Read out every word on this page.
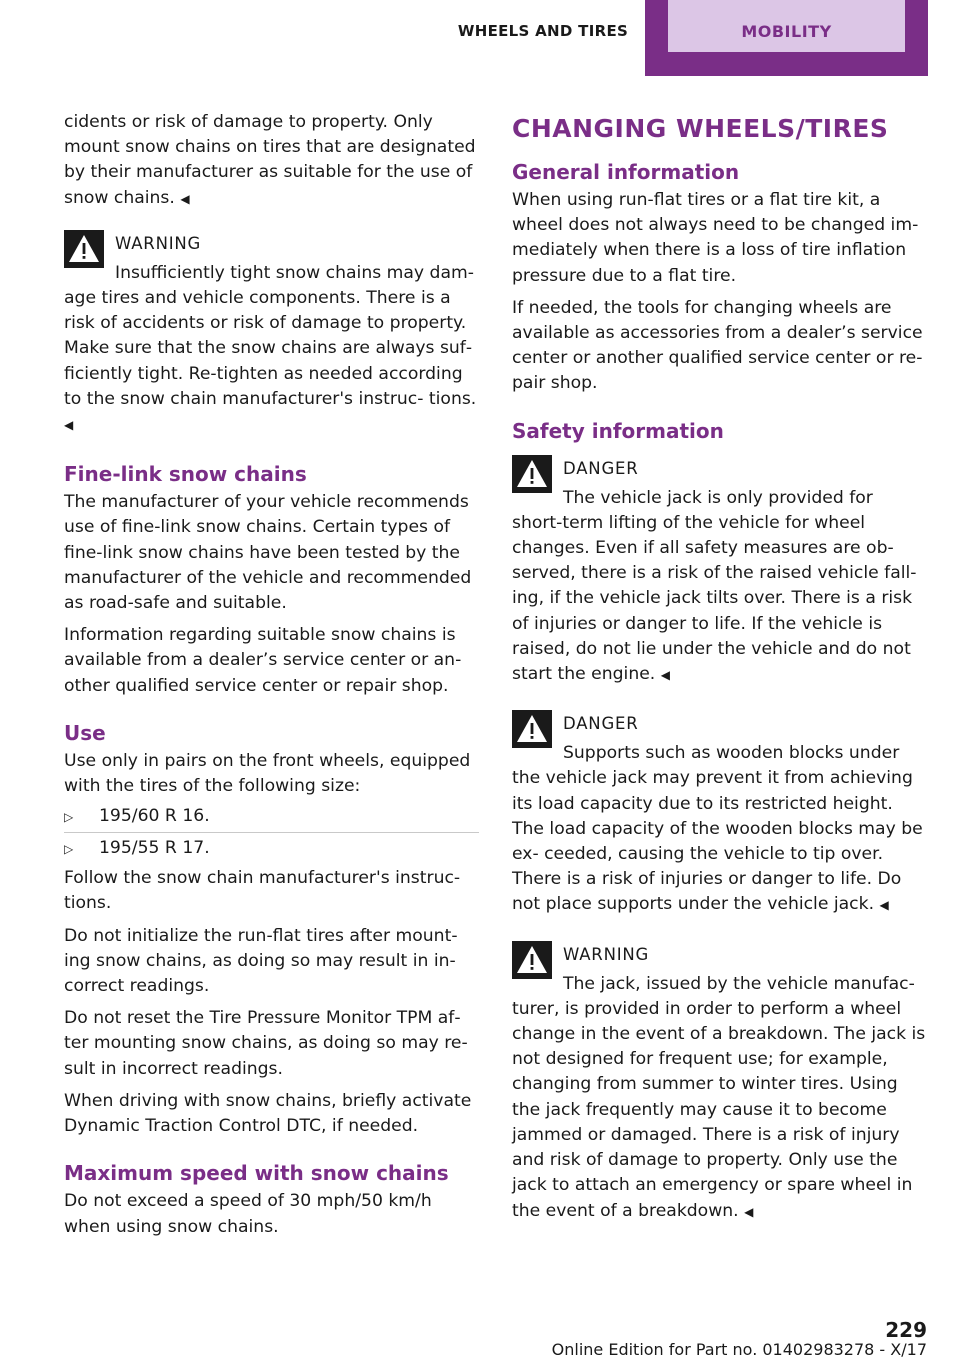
WHEELS AND TIRES	MOBILITY
cidents or risk of damage to property. Only mount snow chains on tires that are designated by their manufacturer as suitable for the use of snow chains. ◀
WARNING
Insufficiently tight snow chains may dam‐
age tires and vehicle components. There is a risk of accidents or risk of damage to property. Make sure that the snow chains are always suf‐ ficiently tight. Re-tighten as needed according to the snow chain manufacturer's instruc‐ tions. ◀
Fine-link snow chains
The manufacturer of your vehicle recommends use of fine-link snow chains. Certain types of fine-link snow chains have been tested by the manufacturer of the vehicle and recommended as road-safe and suitable.
Information regarding suitable snow chains is available from a dealer’s service center or an‐ other qualified service center or repair shop.
Use
Use only in pairs on the front wheels, equipped with the tires of the following size:
▷ 195/60 R 16.
▷ 195/55 R 17.
Follow the snow chain manufacturer's instruc‐ tions.
Do not initialize the run-flat tires after mount‐ ing snow chains, as doing so may result in in‐ correct readings.
Do not reset the Tire Pressure Monitor TPM af‐ ter mounting snow chains, as doing so may re‐ sult in incorrect readings.
When driving with snow chains, briefly activate Dynamic Traction Control DTC, if needed.
Maximum speed with snow chains
Do not exceed a speed of 30 mph/50 km/h when using snow chains.
CHANGING WHEELS/TIRES
General information
When using run-flat tires or a flat tire kit, a wheel does not always need to be changed im‐ mediately when there is a loss of tire inflation pressure due to a flat tire.
If needed, the tools for changing wheels are available as accessories from a dealer’s service center or another qualified service center or re‐ pair shop.
Safety information
DANGER
The vehicle jack is only provided for
short-term lifting of the vehicle for wheel changes. Even if all safety measures are ob‐ served, there is a risk of the raised vehicle fall‐ ing, if the vehicle jack tilts over. There is a risk of injuries or danger to life. If the vehicle is raised, do not lie under the vehicle and do not start the engine. ◀
DANGER
Supports such as wooden blocks under
the vehicle jack may prevent it from achieving its load capacity due to its restricted height. The load capacity of the wooden blocks may be ex‐ ceeded, causing the vehicle to tip over. There is a risk of injuries or danger to life. Do not place supports under the vehicle jack. ◀
WARNING
The jack, issued by the vehicle manufac‐
turer, is provided in order to perform a wheel change in the event of a breakdown. The jack is not designed for frequent use; for example, changing from summer to winter tires. Using the jack frequently may cause it to become jammed or damaged. There is a risk of injury and risk of damage to property. Only use the jack to attach an emergency or spare wheel in the event of a breakdown. ◀
229
Online Edition for Part no. 01402983278 - X/17
